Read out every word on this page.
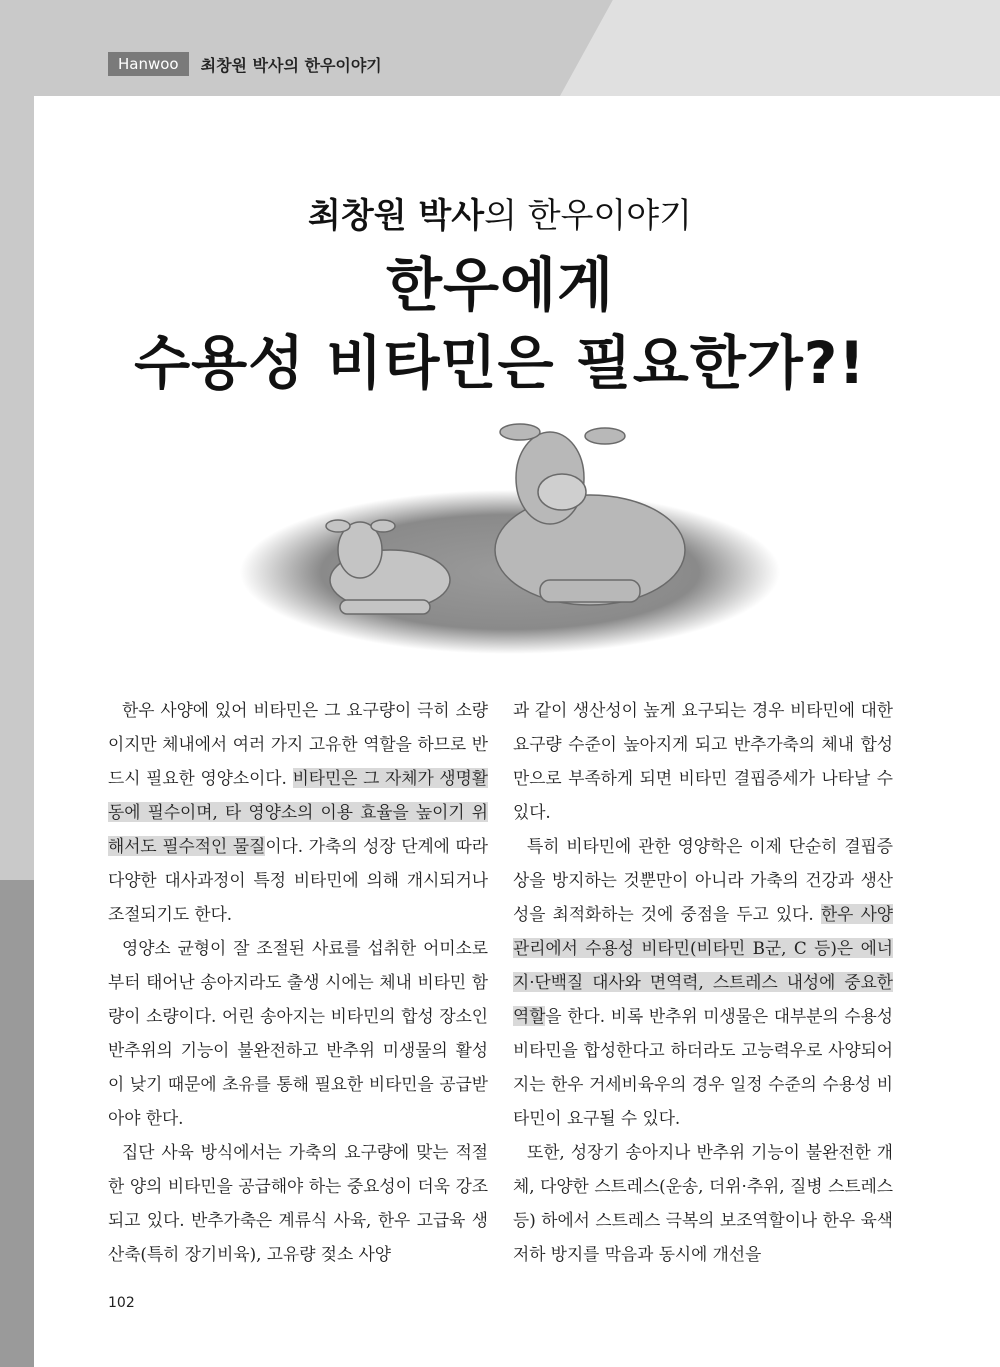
Hanwoo	최창원 박사의 한우이야기
최창원 박사의 한우이야기
한우에게
수용성 비타민은 필요한가?!

한우 사양에 있어 비타민은 그 요구량이 극히 소량이지만 체내에서 여러 가지 고유한 역할을 하므로 반드시 필요한 영양소이다. 비타민은 그 자체가 생명활동에 필수이며, 타 영양소의 이용 효율을 높이기 위해서도 필수적인 물질이다. 가축의 성장 단계에 따라 다양한 대사과정이 특정 비타민에 의해 개시되거나 조절되기도 한다.

영양소 균형이 잘 조절된 사료를 섭취한 어미소로부터 태어난 송아지라도 출생 시에는 체내 비타민 함량이 소량이다. 어린 송아지는 비타민의 합성 장소인 반추위의 기능이 불완전하고 반추위 미생물의 활성이 낮기 때문에 초유를 통해 필요한 비타민을 공급받아야 한다.

집단 사육 방식에서는 가축의 요구량에 맞는 적절한 양의 비타민을 공급해야 하는 중요성이 더욱 강조되고 있다. 반추가축은 계류식 사육, 한우 고급육 생산축(특히 장기비육), 고유량 젖소 사양

과 같이 생산성이 높게 요구되는 경우 비타민에 대한 요구량 수준이 높아지게 되고 반추가축의 체내 합성만으로 부족하게 되면 비타민 결핍증세가 나타날 수 있다.

특히 비타민에 관한 영양학은 이제 단순히 결핍증상을 방지하는 것뿐만이 아니라 가축의 건강과 생산성을 최적화하는 것에 중점을 두고 있다. 한우 사양관리에서 수용성 비타민(비타민 B군, C 등)은 에너지·단백질 대사와 면역력, 스트레스 내성에 중요한 역할을 한다. 비록 반추위 미생물은 대부분의 수용성 비타민을 합성한다고 하더라도 고능력우로 사양되어지는 한우 거세비육우의 경우 일정 수준의 수용성 비타민이 요구될 수 있다.

또한, 성장기 송아지나 반추위 기능이 불완전한 개체, 다양한 스트레스(운송, 더위·추위, 질병 스트레스 등) 하에서 스트레스 극복의 보조역할이나 한우 육색 저하 방지를 막음과 동시에 개선을

102
